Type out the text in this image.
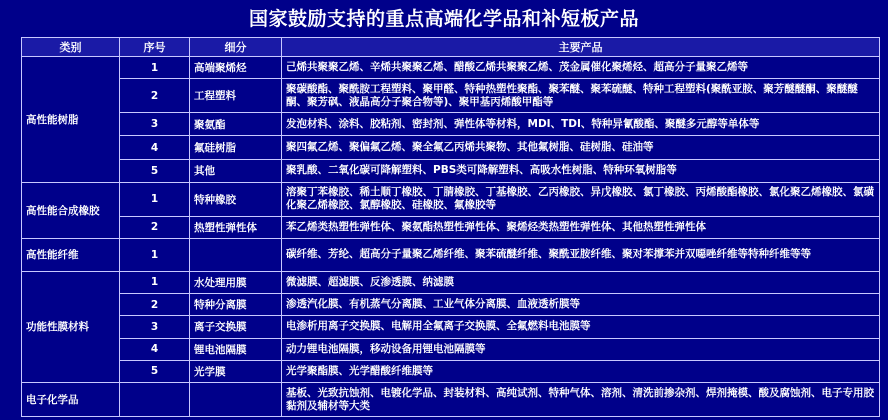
国家鼓励支持的重点高端化学品和补短板产品
类别	序号	细分	主要产品
高性能树脂	1	高端聚烯烃	己烯共聚聚乙烯、辛烯共聚聚乙烯、醋酸乙烯共聚聚乙烯、茂金属催化聚烯烃、超高分子量聚乙烯等
	2	工程塑料	聚碳酸酯、聚酰胺工程塑料、聚甲醛、特种热塑性聚酯、聚苯醚、聚苯硫醚、特种工程塑料(聚酰亚胺、聚芳醚醚酮、聚醚醚酮、聚芳砜、液晶高分子聚合物等)、聚甲基丙烯酸甲酯等
	3	聚氨酯	发泡材料、涂料、胶粘剂、密封剂、弹性体等材料，MDI、TDI、特种异氰酸酯、聚醚多元醇等单体等
	4	氟硅树脂	聚四氟乙烯、聚偏氟乙烯、聚全氟乙丙烯共聚物、其他氟树脂、硅树脂、硅油等
	5	其他	聚乳酸、二氧化碳可降解塑料、PBS类可降解塑料、高吸水性树脂、特种环氧树脂等
高性能合成橡胶	1	特种橡胶	溶聚丁苯橡胶、稀土顺丁橡胶、丁腈橡胶、丁基橡胶、乙丙橡胶、异戊橡胶、氯丁橡胶、丙烯酸酯橡胶、氯化聚乙烯橡胶、氯磺化聚乙烯橡胶、氯醇橡胶、硅橡胶、氟橡胶等
	2	热塑性弹性体	苯乙烯类热塑性弹性体、聚氨酯热塑性弹性体、聚烯烃类热塑性弹性体、其他热塑性弹性体
高性能纤维	1		碳纤维、芳纶、超高分子量聚乙烯纤维、聚苯硫醚纤维、聚酰亚胺纤维、聚对苯撑苯并双噁唑纤维等特种纤维等等
功能性膜材料	1	水处理用膜	微滤膜、超滤膜、反渗透膜、纳滤膜
	2	特种分离膜	渗透汽化膜、有机蒸气分离膜、工业气体分离膜、血液透析膜等
	3	离子交换膜	电渗析用离子交换膜、电解用全氟离子交换膜、全氟燃料电池膜等
	4	锂电池隔膜	动力锂电池隔膜，移动设备用锂电池隔膜等
	5	光学膜	光学聚酯膜、光学醋酸纤维膜等
电子化学品			基板、光致抗蚀剂、电镀化学品、封装材料、高纯试剂、特种气体、溶剂、清洗前掺杂剂、焊剂掩模、酸及腐蚀剂、电子专用胶黏剂及辅材等大类
